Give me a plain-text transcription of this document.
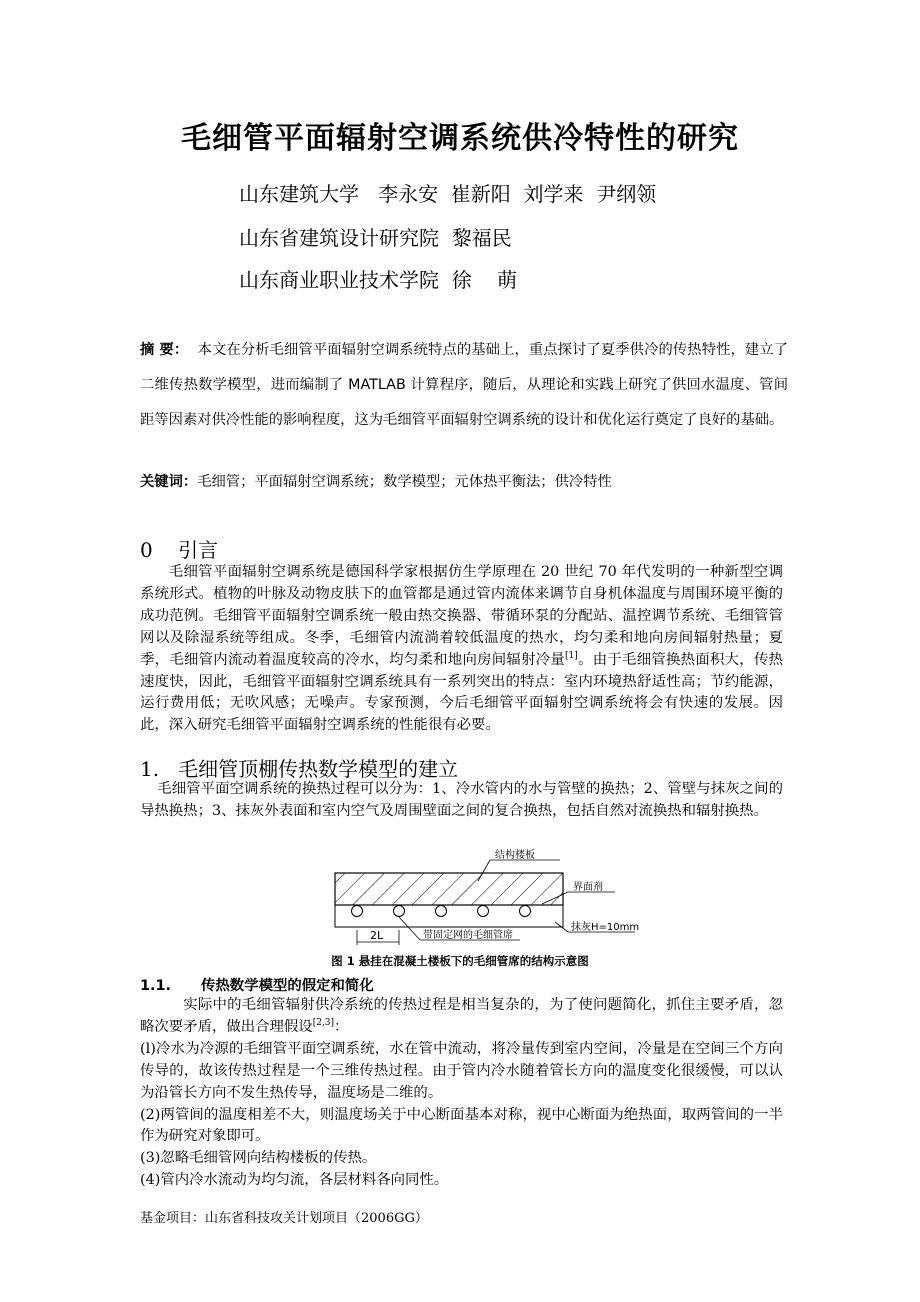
毛细管平面辐射空调系统供冷特性的研究
山东建筑大学   李永安  崔新阳  刘学来  尹纲领
山东省建筑设计研究院  黎福民
山东商业职业技术学院  徐    萌
摘 要： 本文在分析毛细管平面辐射空调系统特点的基础上，重点探讨了夏季供冷的传热特性，建立了二维传热数学模型，进而编制了 MATLAB 计算程序，随后，从理论和实践上研究了供回水温度、管间距等因素对供冷性能的影响程度，这为毛细管平面辐射空调系统的设计和优化运行奠定了良好的基础。
关键词：毛细管；平面辐射空调系统；数学模型；元体热平衡法；供冷特性
0    引言
毛细管平面辐射空调系统是德国科学家根据仿生学原理在 20 世纪 70 年代发明的一种新型空调系统形式。植物的叶脉及动物皮肤下的血管都是通过管内流体来调节自身机体温度与周围环境平衡的成功范例。毛细管平面辐射空调系统一般由热交换器、带循环泵的分配站、温控调节系统、毛细管管网以及除湿系统等组成。冬季，毛细管内流淌着较低温度的热水，均匀柔和地向房间辐射热量；夏季，毛细管内流动着温度较高的冷水，均匀柔和地向房间辐射冷量[1]。由于毛细管换热面积大，传热速度快，因此，毛细管平面辐射空调系统具有一系列突出的特点：室内环境热舒适性高；节约能源，运行费用低；无吹风感；无噪声。专家预测，今后毛细管平面辐射空调系统将会有快速的发展。因此，深入研究毛细管平面辐射空调系统的性能很有必要。
1.   毛细管顶棚传热数学模型的建立
毛细管平面空调系统的换热过程可以分为：1、冷水管内的水与管壁的换热；2、管壁与抹灰之间的导热换热；3、抹灰外表面和室内空气及周围壁面之间的复合换热，包括自然对流换热和辐射换热。
结构楼板
界面剂
抹灰H=10mm
带固定网的毛细管席
2L
图 1 悬挂在混凝土楼板下的毛细管席的结构示意图
1.1.      传热数学模型的假定和简化
实际中的毛细管辐射供冷系统的传热过程是相当复杂的，为了使问题简化，抓住主要矛盾，忽略次要矛盾，做出合理假设[2,3]：
(l)冷水为冷源的毛细管平面空调系统，水在管中流动，将冷量传到室内空间，冷量是在空间三个方向传导的，故该传热过程是一个三维传热过程。由于管内冷水随着管长方向的温度变化很缓慢，可以认为沿管长方向不发生热传导，温度场是二维的。
(2)两管间的温度相差不大，则温度场关于中心断面基本对称，视中心断面为绝热面，取两管间的一半作为研究对象即可。
(3)忽略毛细管网向结构楼板的传热。
(4)管内冷水流动为均匀流，各层材料各向同性。
基金项目：山东省科技攻关计划项目（2006GG）
